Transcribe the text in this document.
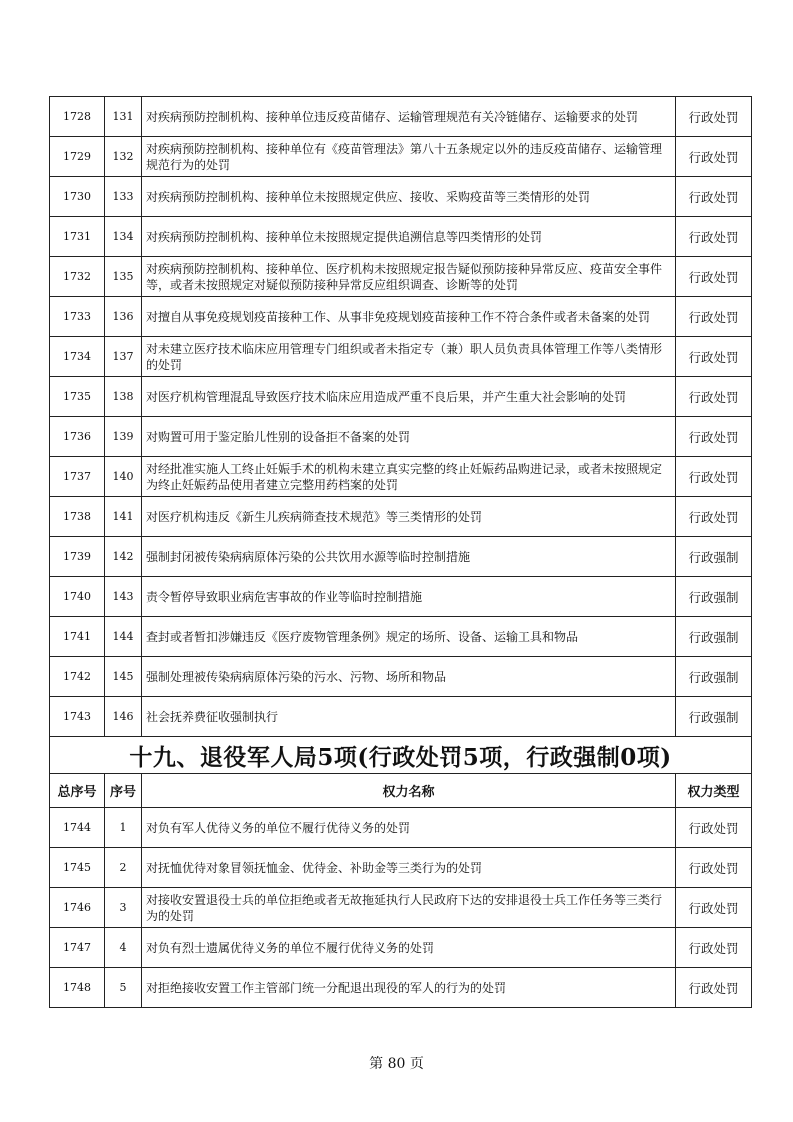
1728	131	对疾病预防控制机构、接种单位违反疫苗储存、运输管理规范有关冷链储存、运输要求的处罚	行政处罚
1729	132	对疾病预防控制机构、接种单位有《疫苗管理法》第八十五条规定以外的违反疫苗储存、运输管理规范行为的处罚	行政处罚
1730	133	对疾病预防控制机构、接种单位未按照规定供应、接收、采购疫苗等三类情形的处罚	行政处罚
1731	134	对疾病预防控制机构、接种单位未按照规定提供追溯信息等四类情形的处罚	行政处罚
1732	135	对疾病预防控制机构、接种单位、医疗机构未按照规定报告疑似预防接种异常反应、疫苗安全事件等，或者未按照规定对疑似预防接种异常反应组织调查、诊断等的处罚	行政处罚
1733	136	对擅自从事免疫规划疫苗接种工作、从事非免疫规划疫苗接种工作不符合条件或者未备案的处罚	行政处罚
1734	137	对未建立医疗技术临床应用管理专门组织或者未指定专（兼）职人员负责具体管理工作等八类情形的处罚	行政处罚
1735	138	对医疗机构管理混乱导致医疗技术临床应用造成严重不良后果，并产生重大社会影响的处罚	行政处罚
1736	139	对购置可用于鉴定胎儿性别的设备拒不备案的处罚	行政处罚
1737	140	对经批准实施人工终止妊娠手术的机构未建立真实完整的终止妊娠药品购进记录，或者未按照规定为终止妊娠药品使用者建立完整用药档案的处罚	行政处罚
1738	141	对医疗机构违反《新生儿疾病筛查技术规范》等三类情形的处罚	行政处罚
1739	142	强制封闭被传染病病原体污染的公共饮用水源等临时控制措施	行政强制
1740	143	责令暂停导致职业病危害事故的作业等临时控制措施	行政强制
1741	144	查封或者暂扣涉嫌违反《医疗废物管理条例》规定的场所、设备、运输工具和物品	行政强制
1742	145	强制处理被传染病病原体污染的污水、污物、场所和物品	行政强制
1743	146	社会抚养费征收强制执行	行政强制
十九、退役军人局5项(行政处罚5项，行政强制0项)			
总序号	序号	权力名称	权力类型
1744	1	对负有军人优待义务的单位不履行优待义务的处罚	行政处罚
1745	2	对抚恤优待对象冒领抚恤金、优待金、补助金等三类行为的处罚	行政处罚
1746	3	对接收安置退役士兵的单位拒绝或者无故拖延执行人民政府下达的安排退役士兵工作任务等三类行为的处罚	行政处罚
1747	4	对负有烈士遗属优待义务的单位不履行优待义务的处罚	行政处罚
1748	5	对拒绝接收安置工作主管部门统一分配退出现役的军人的行为的处罚	行政处罚
第 80 页
